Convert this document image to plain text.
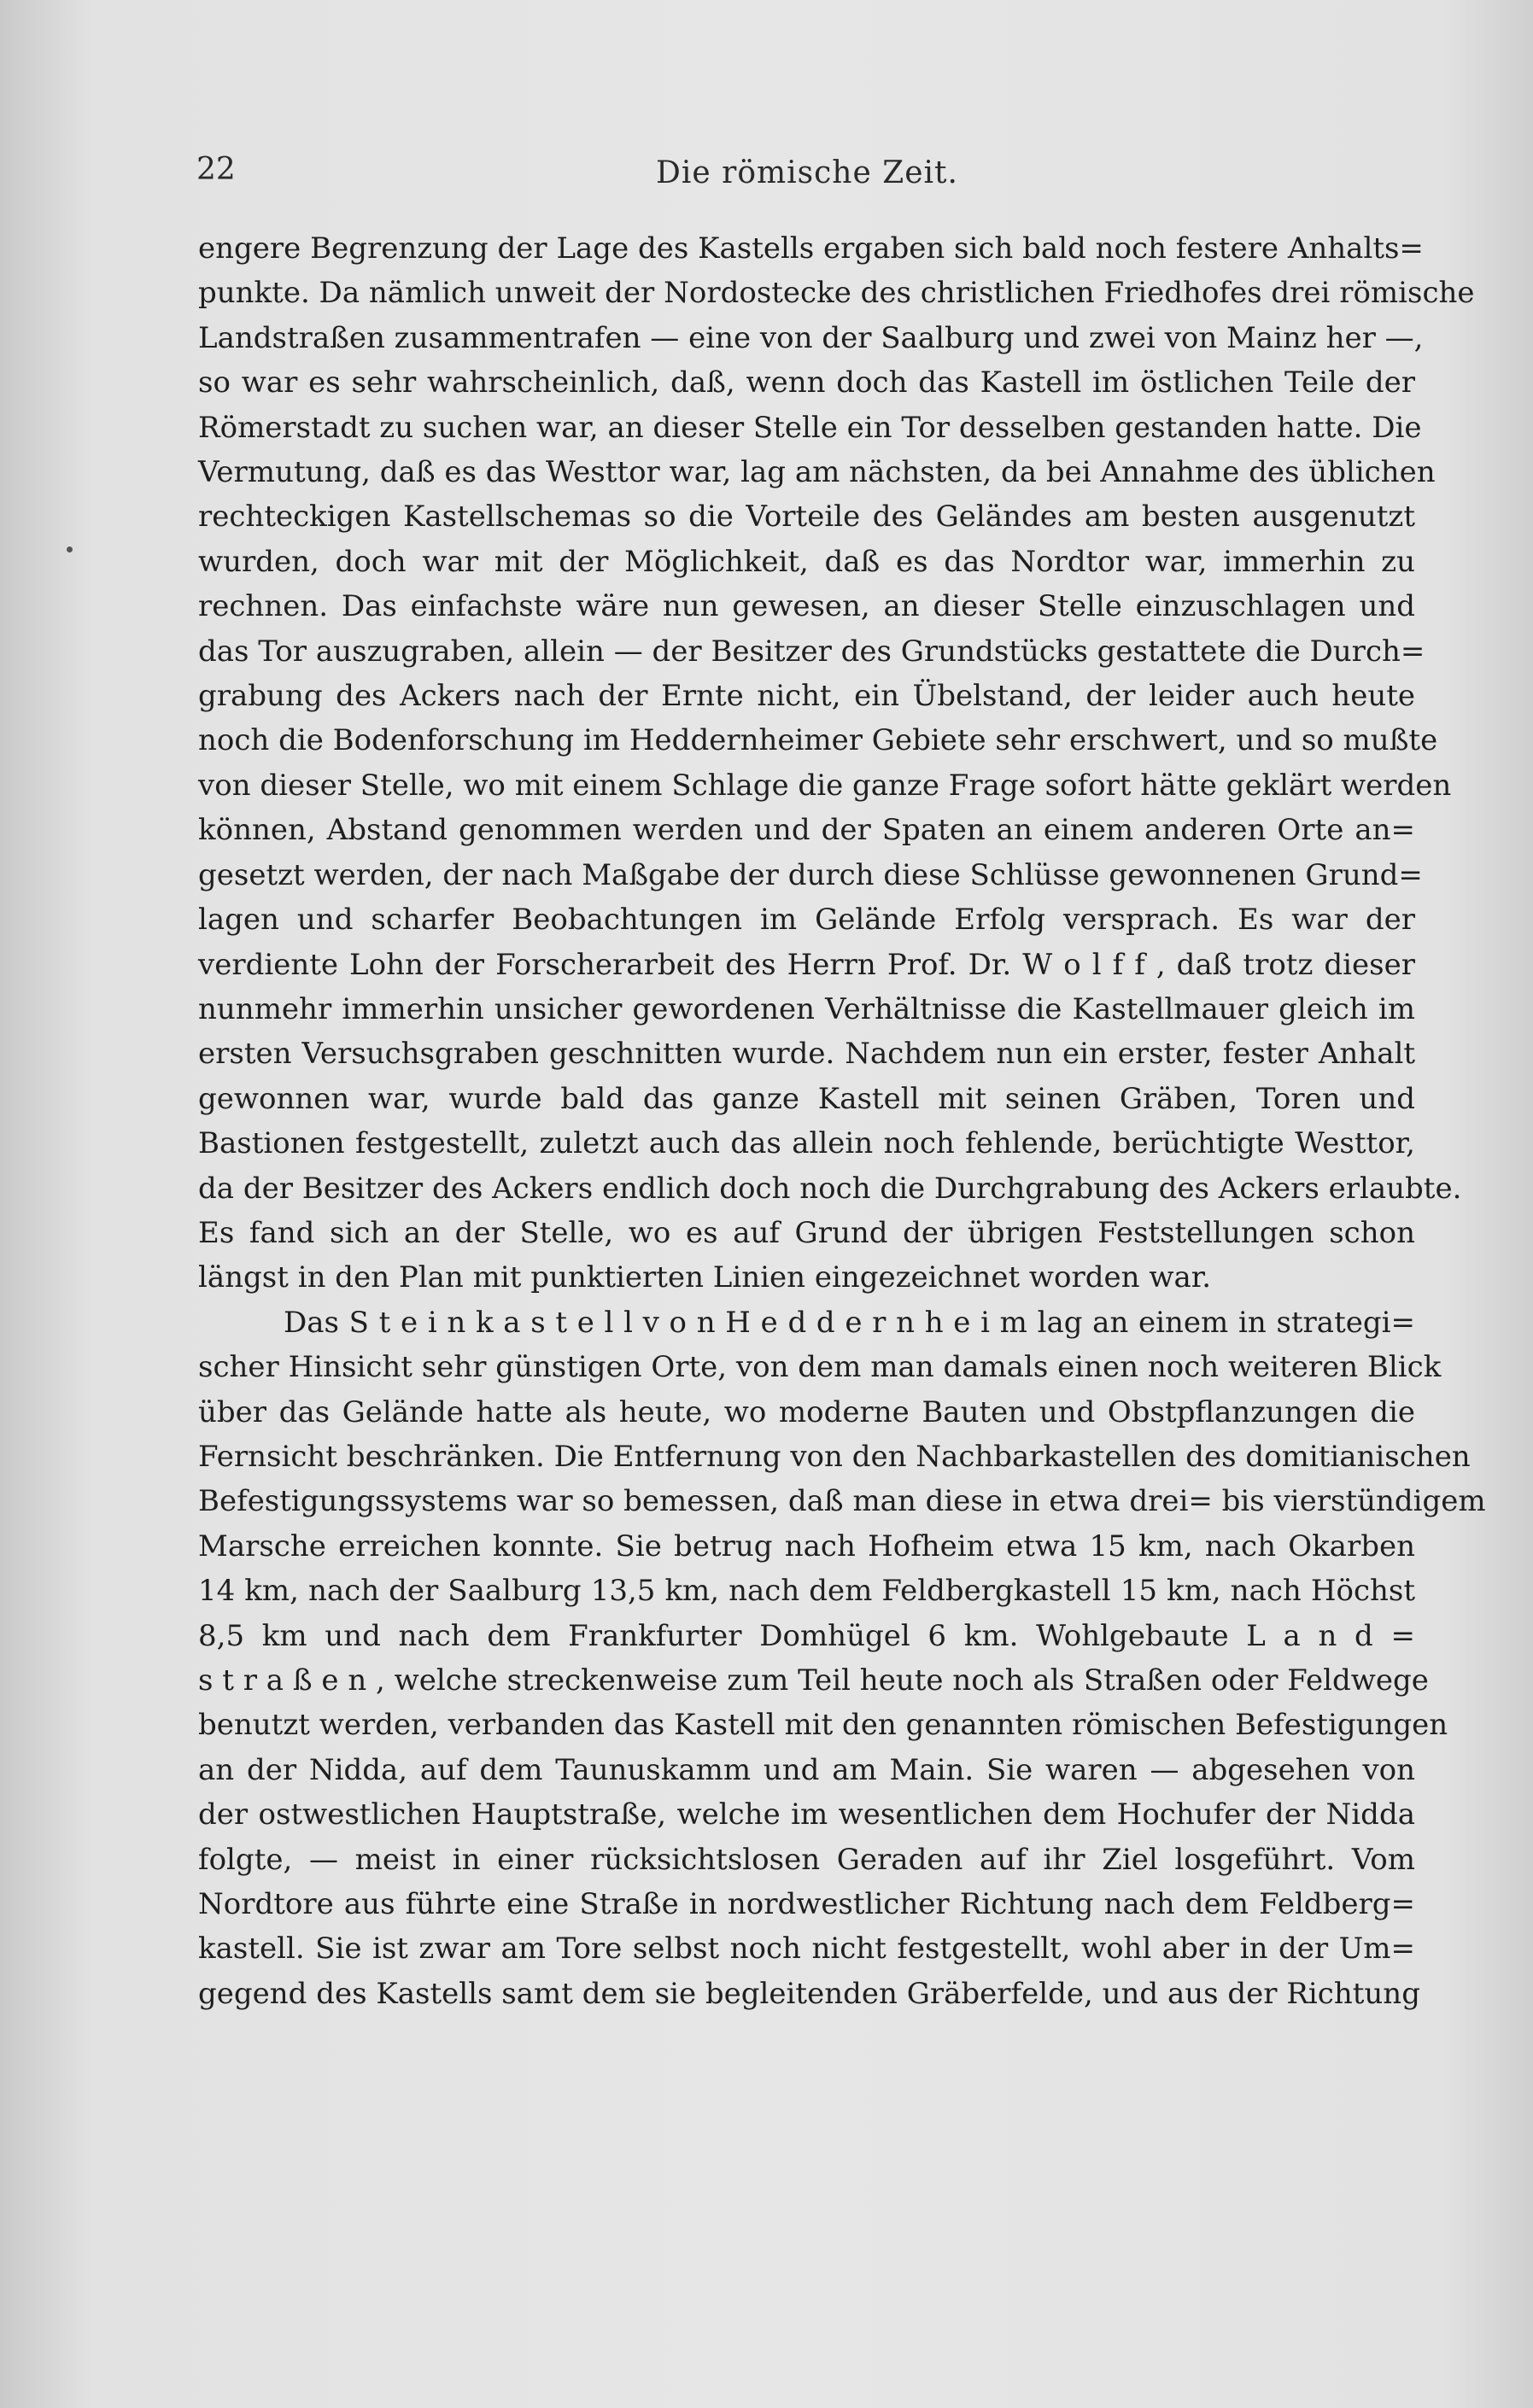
22	Die römische Zeit.
engere Begrenzung der Lage des Kastells ergaben sich bald noch festere Anhalts=
punkte. Da nämlich unweit der Nordostecke des christlichen Friedhofes drei römische
Landstraßen zusammentrafen — eine von der Saalburg und zwei von Mainz her —,
so war es sehr wahrscheinlich, daß, wenn doch das Kastell im östlichen Teile der
Römerstadt zu suchen war, an dieser Stelle ein Tor desselben gestanden hatte. Die
Vermutung, daß es das Westtor war, lag am nächsten, da bei Annahme des üblichen
rechteckigen Kastellschemas so die Vorteile des Geländes am besten ausgenutzt
wurden, doch war mit der Möglichkeit, daß es das Nordtor war, immerhin zu
rechnen. Das einfachste wäre nun gewesen, an dieser Stelle einzuschlagen und
das Tor auszugraben, allein — der Besitzer des Grundstücks gestattete die Durch=
grabung des Ackers nach der Ernte nicht, ein Übelstand, der leider auch heute
noch die Bodenforschung im Heddernheimer Gebiete sehr erschwert, und so mußte
von dieser Stelle, wo mit einem Schlage die ganze Frage sofort hätte geklärt werden
können, Abstand genommen werden und der Spaten an einem anderen Orte an=
gesetzt werden, der nach Maßgabe der durch diese Schlüsse gewonnenen Grund=
lagen und scharfer Beobachtungen im Gelände Erfolg versprach. Es war der
verdiente Lohn der Forscherarbeit des Herrn Prof. Dr. W o l f f , daß trotz dieser
nunmehr immerhin unsicher gewordenen Verhältnisse die Kastellmauer gleich im
ersten Versuchsgraben geschnitten wurde. Nachdem nun ein erster, fester Anhalt
gewonnen war, wurde bald das ganze Kastell mit seinen Gräben, Toren und
Bastionen festgestellt, zuletzt auch das allein noch fehlende, berüchtigte Westtor,
da der Besitzer des Ackers endlich doch noch die Durchgrabung des Ackers erlaubte.
Es fand sich an der Stelle, wo es auf Grund der übrigen Feststellungen schon
längst in den Plan mit punktierten Linien eingezeichnet worden war.
Das S t e i n k a s t e l l v o n H e d d e r n h e i m lag an einem in strategi=
scher Hinsicht sehr günstigen Orte, von dem man damals einen noch weiteren Blick
über das Gelände hatte als heute, wo moderne Bauten und Obstpflanzungen die
Fernsicht beschränken. Die Entfernung von den Nachbarkastellen des domitianischen
Befestigungssystems war so bemessen, daß man diese in etwa drei= bis vierstündigem
Marsche erreichen konnte. Sie betrug nach Hofheim etwa 15 km, nach Okarben
14 km, nach der Saalburg 13,5 km, nach dem Feldbergkastell 15 km, nach Höchst
8,5 km und nach dem Frankfurter Domhügel 6 km. Wohlgebaute L a n d =
s t r a ß e n , welche streckenweise zum Teil heute noch als Straßen oder Feldwege
benutzt werden, verbanden das Kastell mit den genannten römischen Befestigungen
an der Nidda, auf dem Taunuskamm und am Main. Sie waren — abgesehen von
der ostwestlichen Hauptstraße, welche im wesentlichen dem Hochufer der Nidda
folgte, — meist in einer rücksichtslosen Geraden auf ihr Ziel losgeführt. Vom
Nordtore aus führte eine Straße in nordwestlicher Richtung nach dem Feldberg=
kastell. Sie ist zwar am Tore selbst noch nicht festgestellt, wohl aber in der Um=
gegend des Kastells samt dem sie begleitenden Gräberfelde, und aus der Richtung
